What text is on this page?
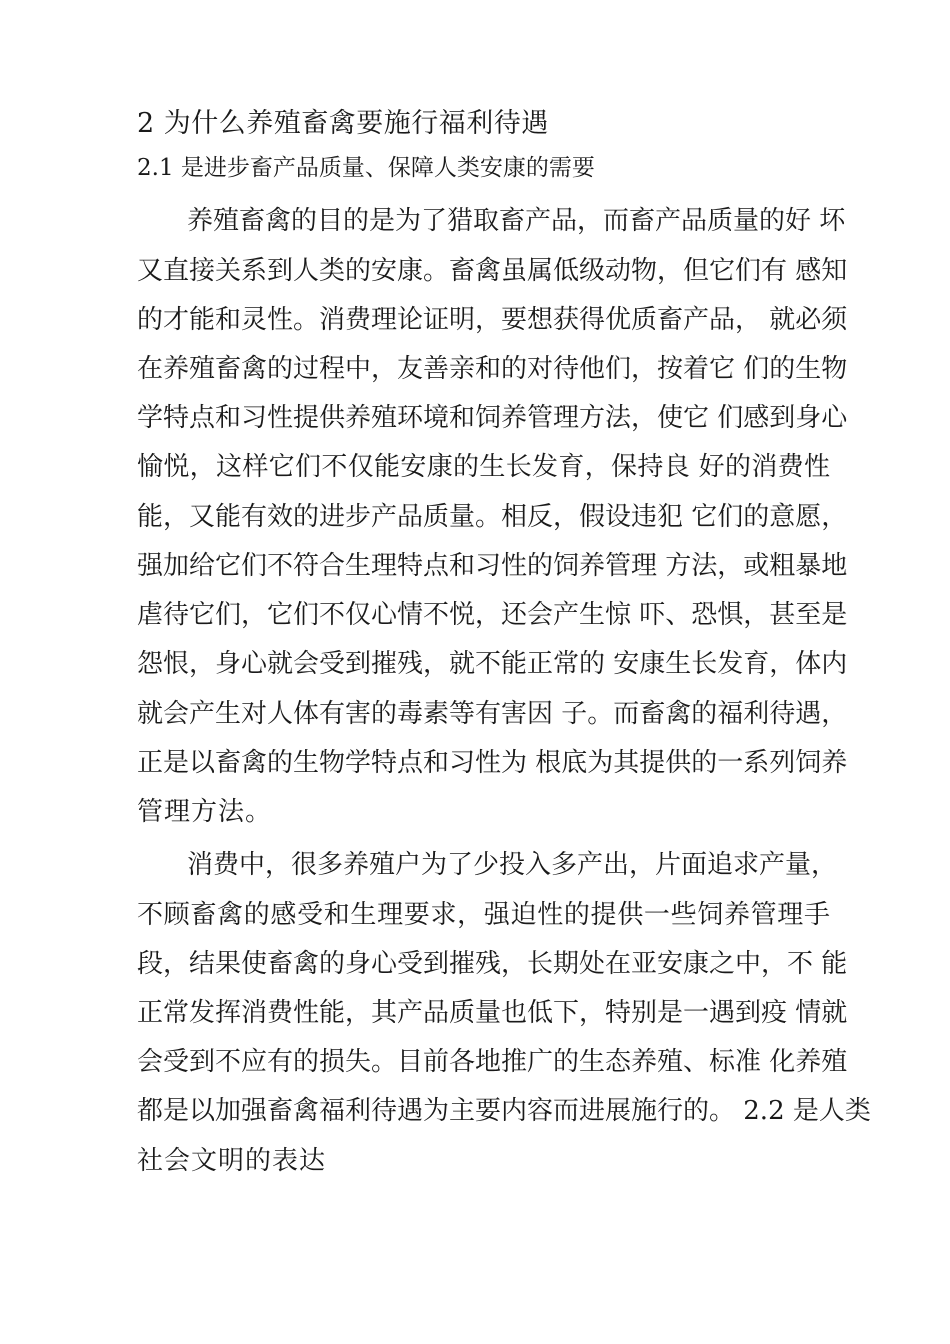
2 为什么养殖畜禽要施行福利待遇
2.1 是进步畜产品质量、保障人类安康的需要
养殖畜禽的目的是为了猎取畜产品，而畜产品质量的好 坏
又直接关系到人类的安康。畜禽虽属低级动物，但它们有 感知
的才能和灵性。消费理论证明，要想获得优质畜产品， 就必须
在养殖畜禽的过程中，友善亲和的对待他们，按着它 们的生物
学特点和习性提供养殖环境和饲养管理方法，使它 们感到身心
愉悦，这样它们不仅能安康的生长发育，保持良 好的消费性
能，又能有效的进步产品质量。相反，假设违犯 它们的意愿，
强加给它们不符合生理特点和习性的饲养管理 方法，或粗暴地
虐待它们，它们不仅心情不悦，还会产生惊 吓、恐惧，甚至是
怨恨，身心就会受到摧残，就不能正常的 安康生长发育，体内
就会产生对人体有害的毒素等有害因 子。而畜禽的福利待遇，
正是以畜禽的生物学特点和习性为 根底为其提供的一系列饲养
管理方法。
消费中，很多养殖户为了少投入多产出，片面追求产量，
不顾畜禽的感受和生理要求，强迫性的提供一些饲养管理手
段，结果使畜禽的身心受到摧残，长期处在亚安康之中，不 能
正常发挥消费性能，其产品质量也低下，特别是一遇到疫 情就
会受到不应有的损失。目前各地推广的生态养殖、标准 化养殖
都是以加强畜禽福利待遇为主要内容而进展施行的。 2.2 是人类
社会文明的表达
